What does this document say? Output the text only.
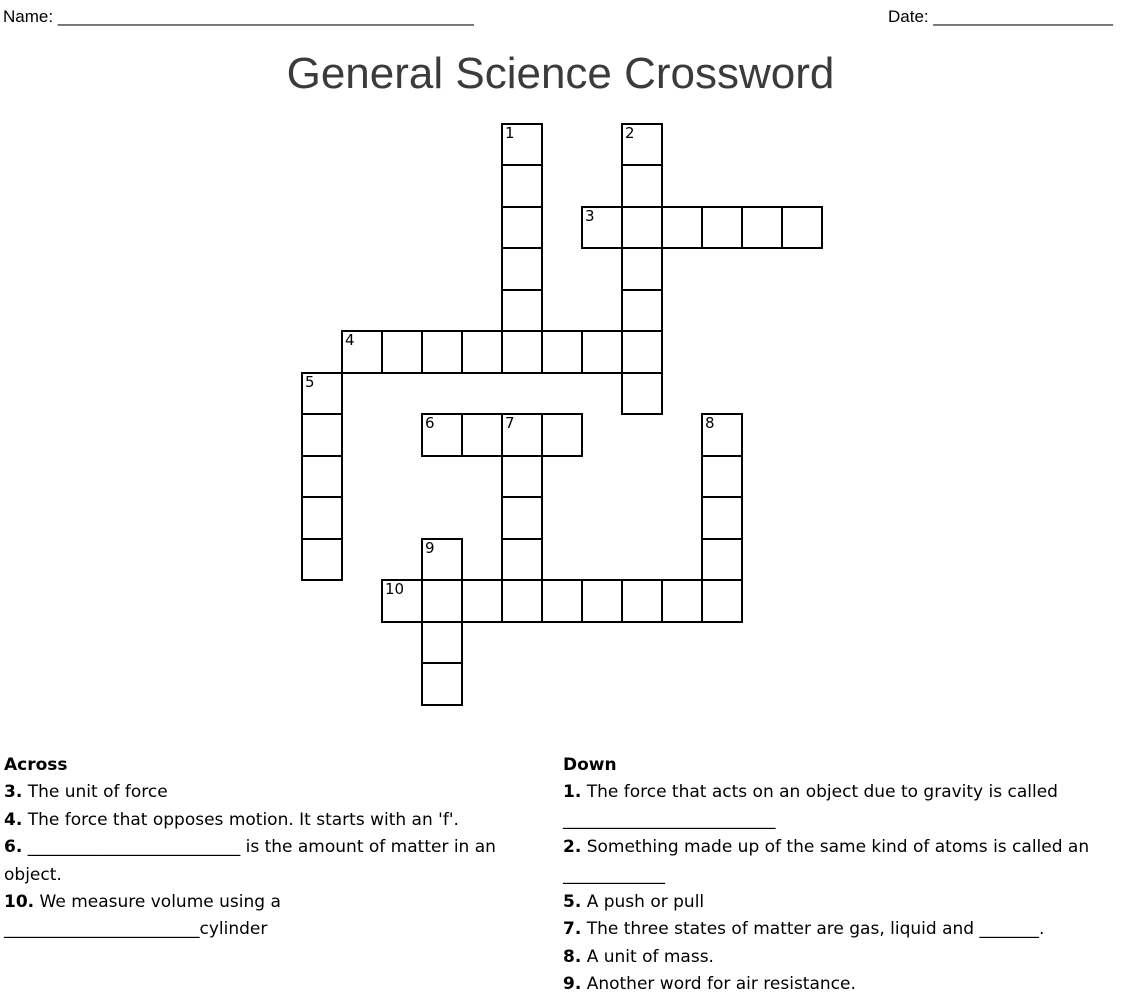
Name: ____________________________________________	Date: ___________________
General Science Crossword
1	2
3
4
5
6	7	8
9
10
Across
3. The unit of force
4. The force that opposes motion. It starts with an 'f'.
6. _________________________ is the amount of matter in an
object.
10. We measure volume using a
_______________________cylinder
Down
1. The force that acts on an object due to gravity is called
_________________________
2. Something made up of the same kind of atoms is called an
____________
5. A push or pull
7. The three states of matter are gas, liquid and _______.
8. A unit of mass.
9. Another word for air resistance.
